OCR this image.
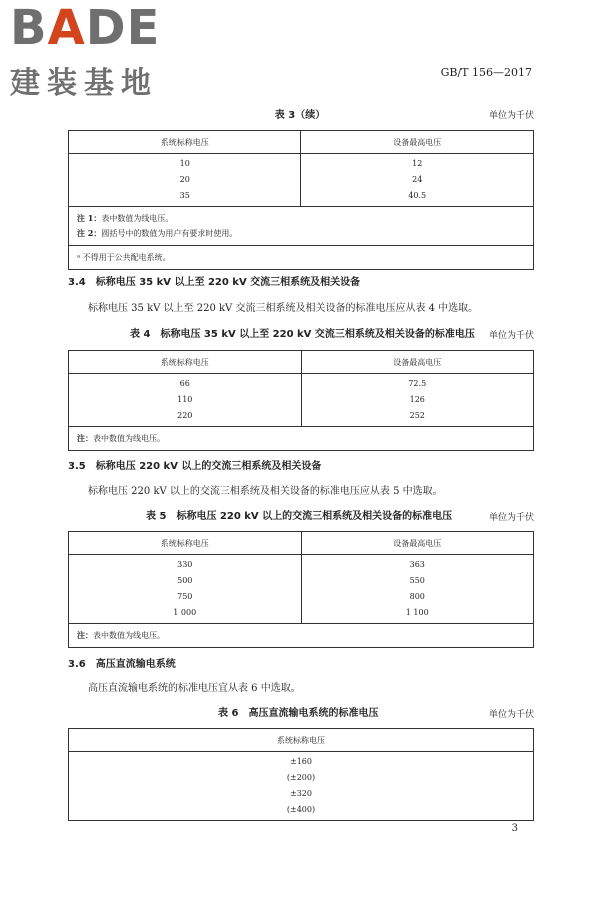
BADE
建装基地	GB/T 156—2017
表 3（续）	单位为千伏
系统标称电压	设备最高电压
10	12
20	24
35	40.5

注 1：表中数值为线电压。
注 2：圆括号中的数值为用户有要求时使用。	

ᵃ 不得用于公共配电系统。	
3.4　标称电压 35 kV 以上至 220 kV 交流三相系统及相关设备
标称电压 35 kV 以上至 220 kV 交流三相系统及相关设备的标准电压应从表 4 中选取。
表 4　标称电压 35 kV 以上至 220 kV 交流三相系统及相关设备的标准电压 单位为千伏
系统标称电压	设备最高电压
66	72.5
110	126
220	252
注：表中数值为线电压。	
3.5　标称电压 220 kV 以上的交流三相系统及相关设备
标称电压 220 kV 以上的交流三相系统及相关设备的标准电压应从表 5 中选取。
表 5　标称电压 220 kV 以上的交流三相系统及相关设备的标准电压	单位为千伏
系统标称电压	设备最高电压
330	363
500	550
750	800
1 000	1 100
注：表中数值为线电压。	
3.6　高压直流输电系统
高压直流输电系统的标准电压宜从表 6 中选取。
表 6　高压直流输电系统的标准电压	单位为千伏
系统标称电压
±160
(±200)
±320
(±400)
3
